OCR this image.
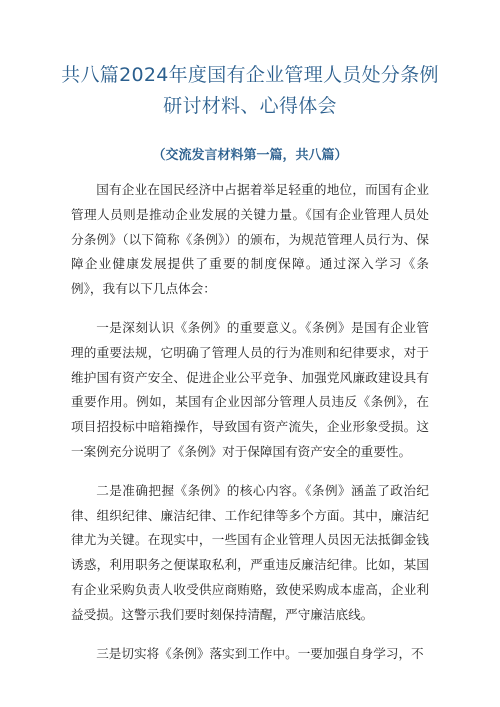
共八篇2024年度国有企业管理人员处分条例研讨材料、心得体会
（交流发言材料第一篇，共八篇）

国有企业在国民经济中占据着举足轻重的地位，而国有企业管理人员则是推动企业发展的关键力量。《国有企业管理人员处分条例》（以下简称《条例》）的颁布，为规范管理人员行为、保障企业健康发展提供了重要的制度保障。通过深入学习《条例》，我有以下几点体会：

一是深刻认识《条例》的重要意义。《条例》是国有企业管理的重要法规，它明确了管理人员的行为准则和纪律要求，对于维护国有资产安全、促进企业公平竞争、加强党风廉政建设具有重要作用。例如，某国有企业因部分管理人员违反《条例》，在项目招投标中暗箱操作，导致国有资产流失，企业形象受损。这一案例充分说明了《条例》对于保障国有资产安全的重要性。

二是准确把握《条例》的核心内容。《条例》涵盖了政治纪律、组织纪律、廉洁纪律、工作纪律等多个方面。其中，廉洁纪律尤为关键。在现实中，一些国有企业管理人员因无法抵御金钱诱惑，利用职务之便谋取私利，严重违反廉洁纪律。比如，某国有企业采购负责人收受供应商贿赂，致使采购成本虚高，企业利益受损。这警示我们要时刻保持清醒，严守廉洁底线。

三是切实将《条例》落实到工作中。一要加强自身学习，不
